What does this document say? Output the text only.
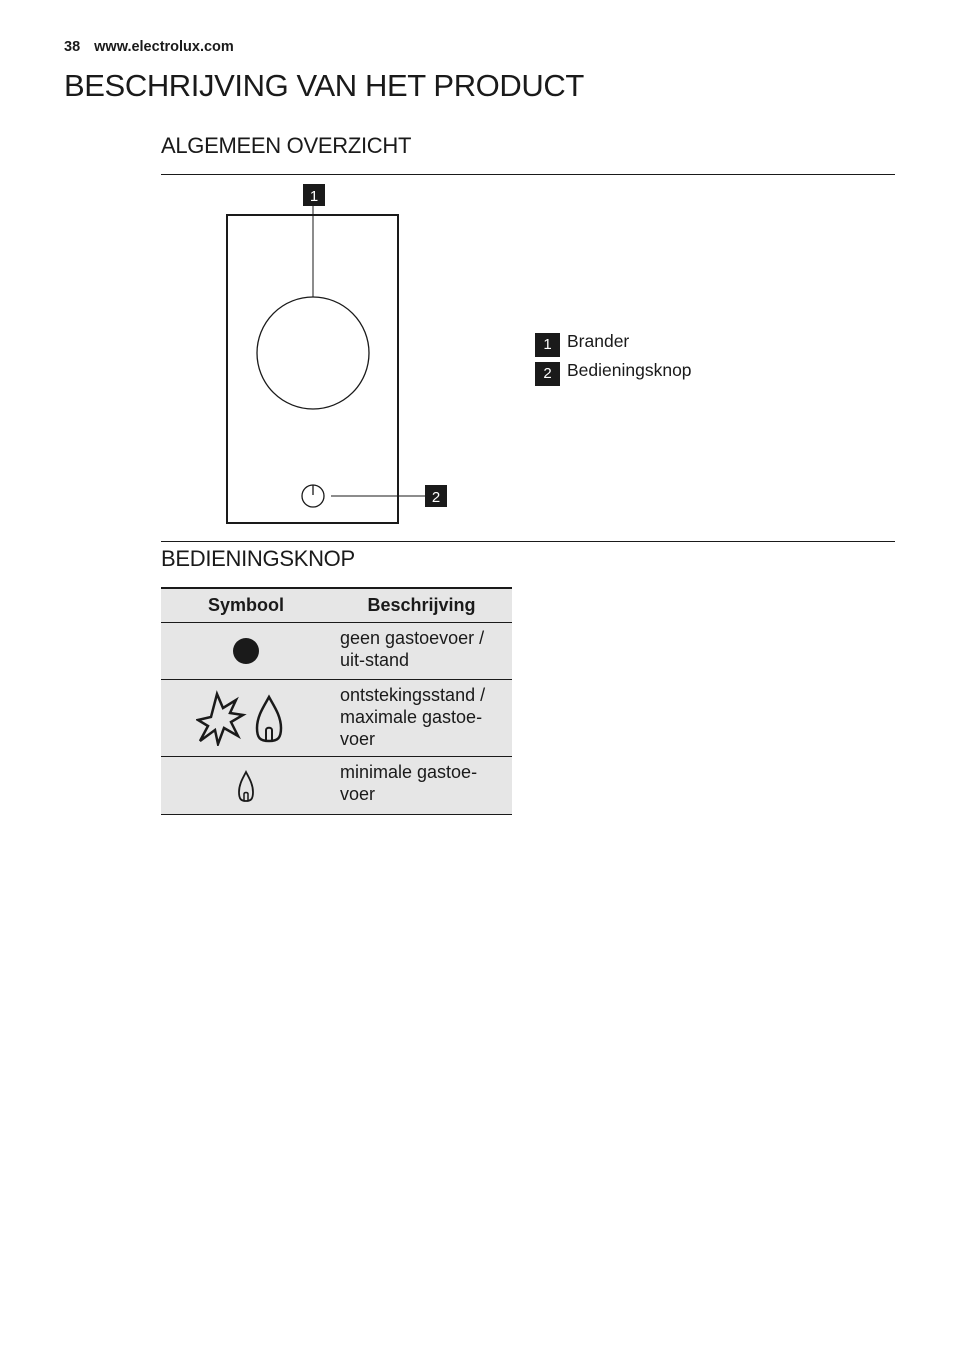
38 www.electrolux.com
BESCHRIJVING VAN HET PRODUCT
ALGEMEEN OVERZICHT
1
2
1 Brander
2 Bedieningsknop
BEDIENINGSKNOP
Symbool	Beschrijving

	geen gastoevoer / uit-stand

	ontstekingsstand / maximale gastoe-voer

	minimale gastoe-voer
